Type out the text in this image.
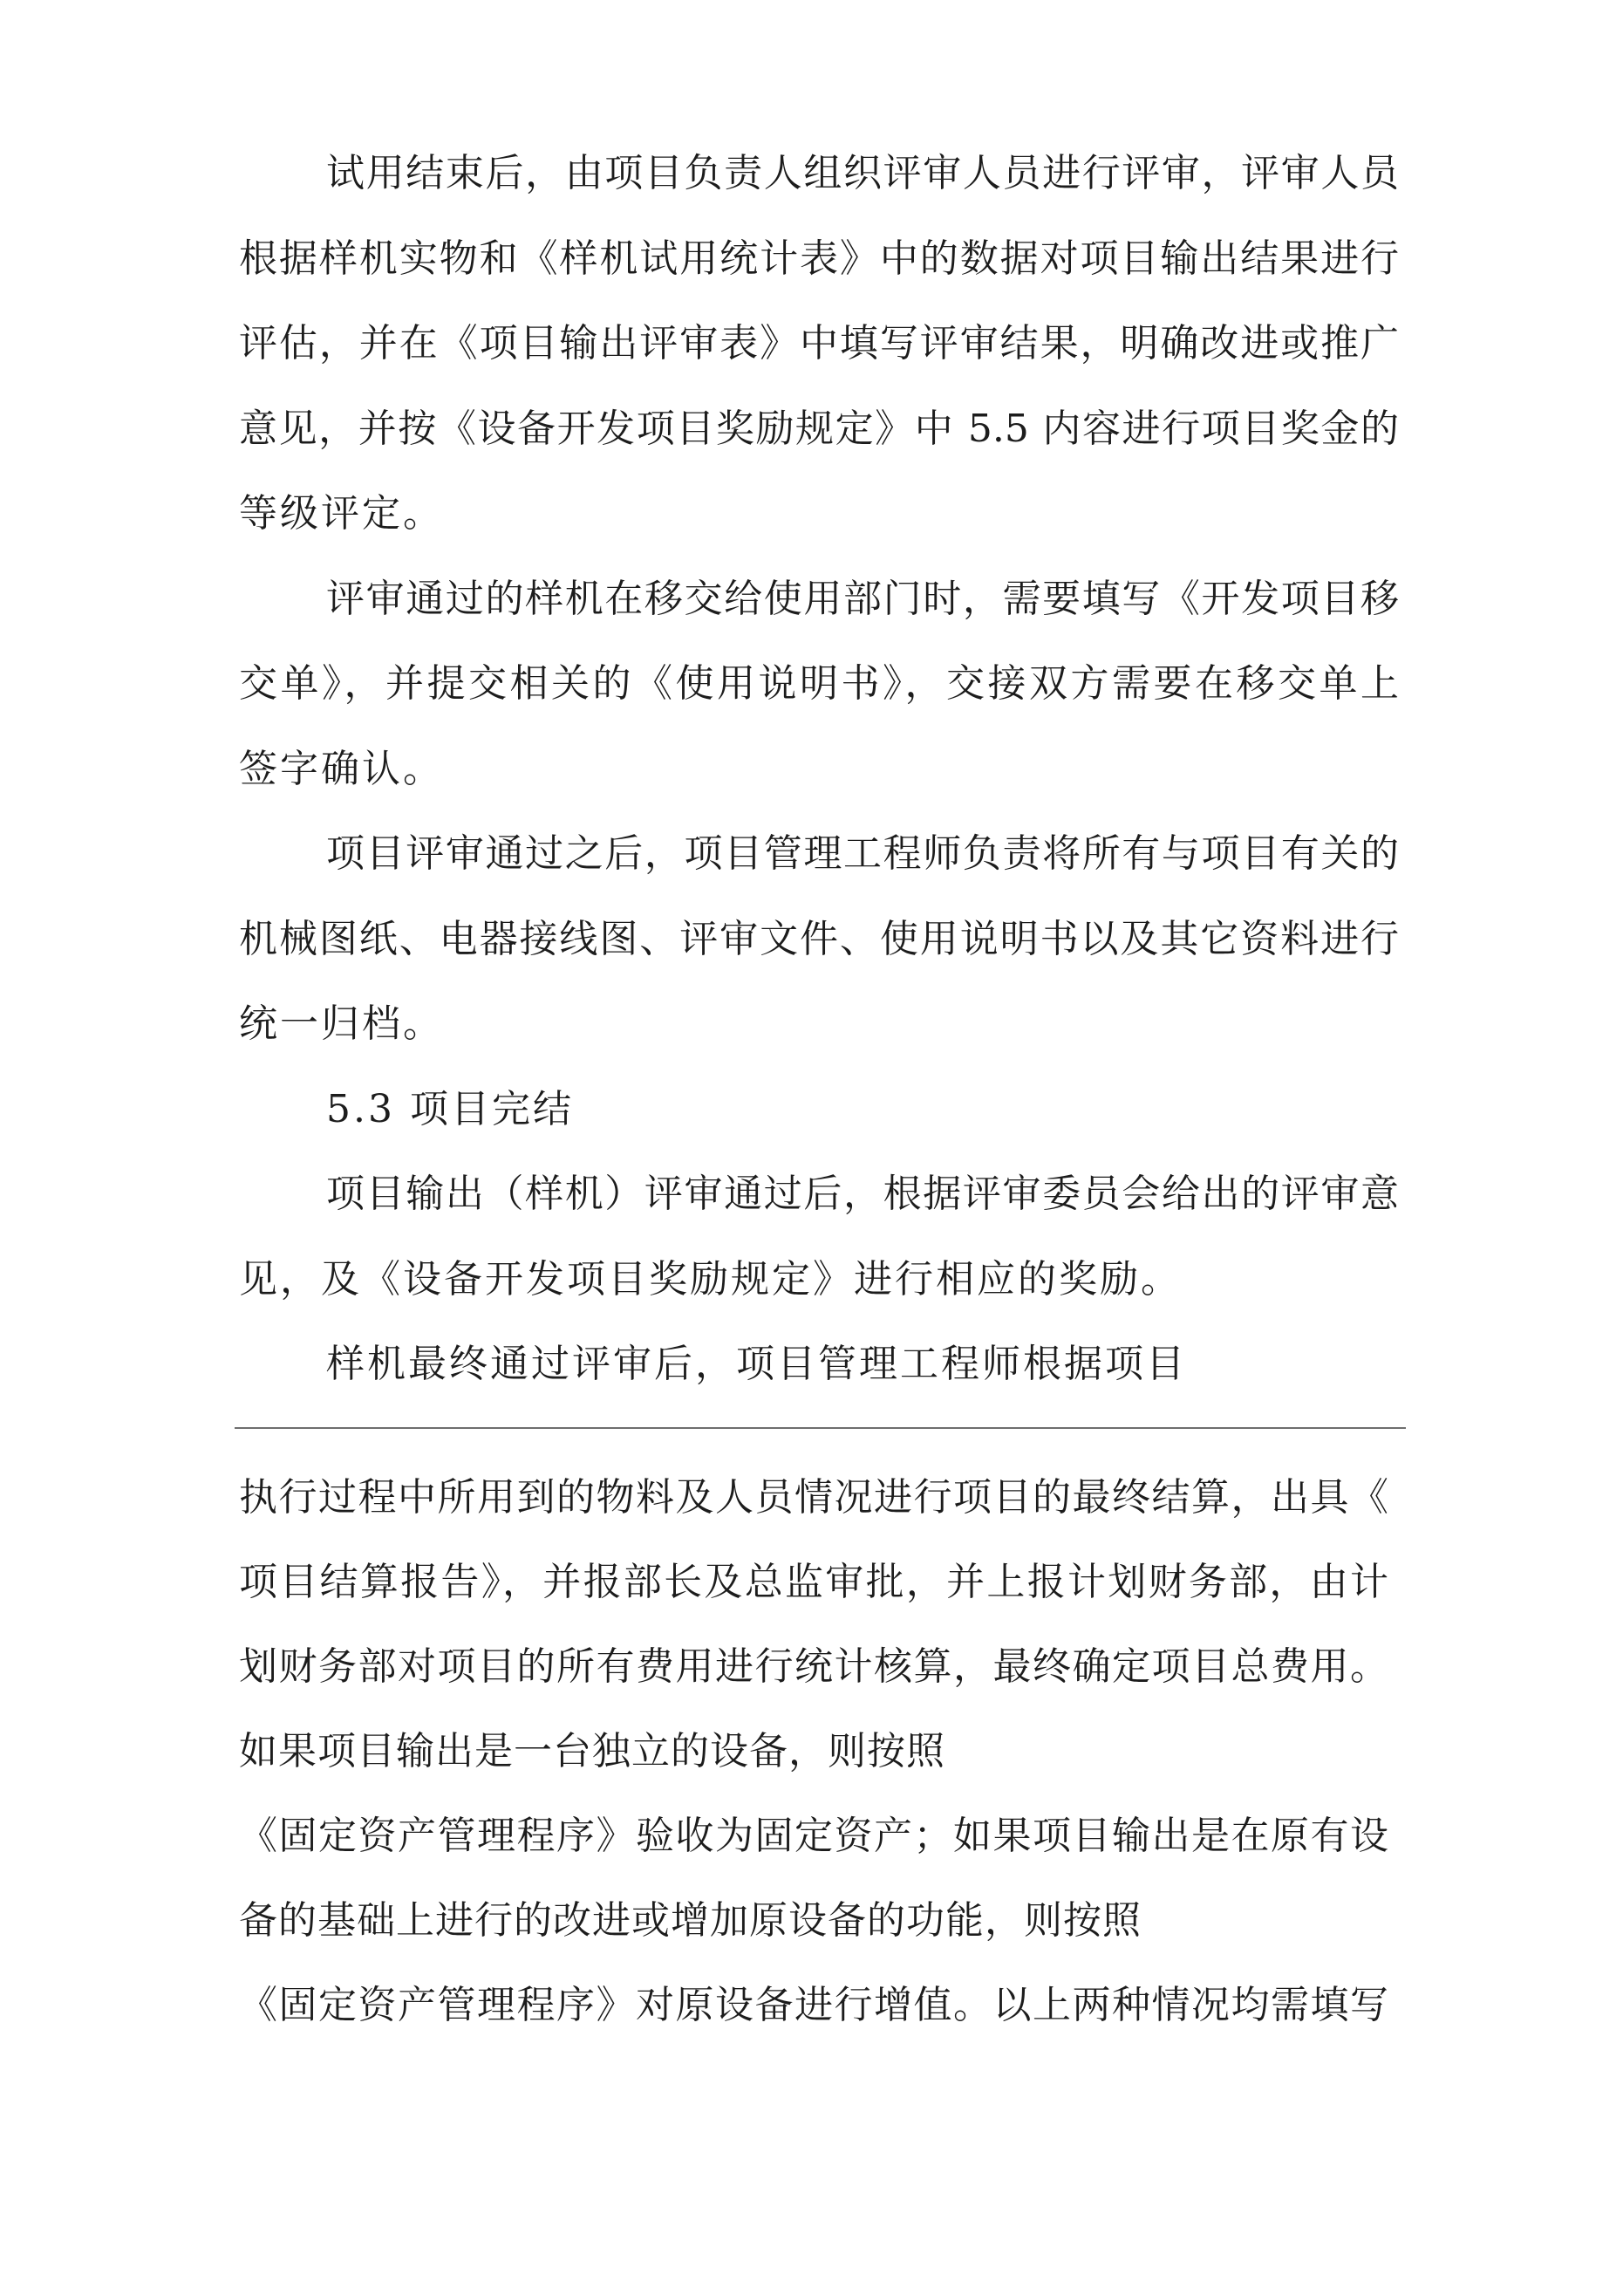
试用结束后，由项目负责人组织评审人员进行评审，评审人员
根据样机实物和《样机试用统计表》中的数据对项目输出结果进行
评估，并在《项目输出评审表》中填写评审结果，明确改进或推广
意见，并按《设备开发项目奖励规定》中 5.5 内容进行项目奖金的
等级评定。
评审通过的样机在移交给使用部门时，需要填写《开发项目移
交单》，并提交相关的《使用说明书》，交接双方需要在移交单上
签字确认。
项目评审通过之后，项目管理工程师负责将所有与项目有关的
机械图纸、电器接线图、评审文件、使用说明书以及其它资料进行
统一归档。
5.3 项目完结
项目输出（样机）评审通过后，根据评审委员会给出的评审意
见，及《设备开发项目奖励规定》进行相应的奖励。
样机最终通过评审后，项目管理工程师根据项目
执行过程中所用到的物料及人员情况进行项目的最终结算，出具《
项目结算报告》，并报部长及总监审批，并上报计划财务部，由计
划财务部对项目的所有费用进行统计核算，最终确定项目总费用。
如果项目输出是一台独立的设备，则按照
《固定资产管理程序》验收为固定资产；如果项目输出是在原有设
备的基础上进行的改进或增加原设备的功能，则按照
《固定资产管理程序》对原设备进行增值。以上两种情况均需填写
